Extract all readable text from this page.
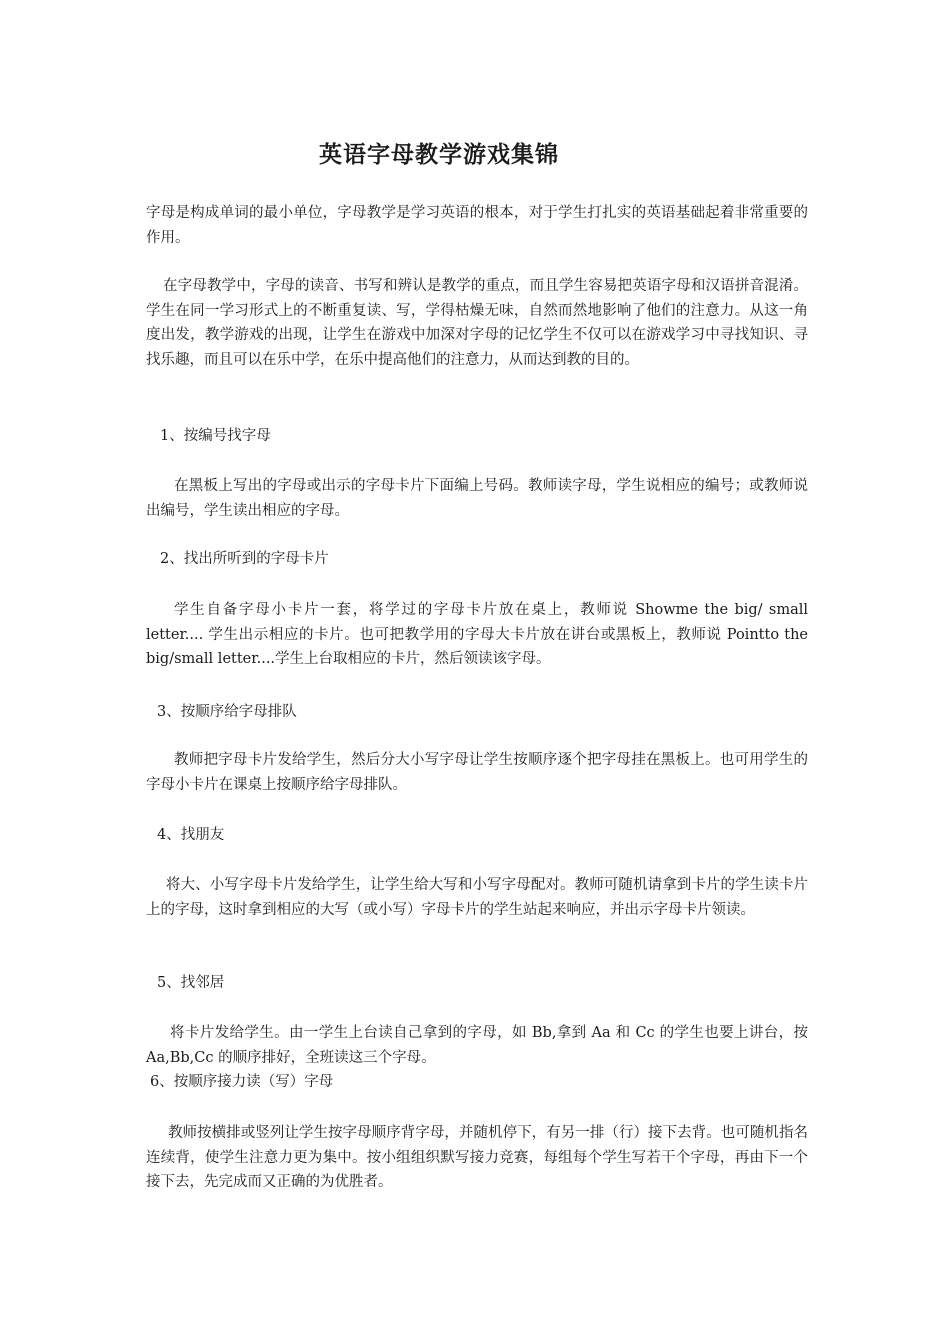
英语字母教学游戏集锦
字母是构成单词的最小单位，字母教学是学习英语的根本，对于学生打扎实的英语基础起着非常重要的作用。
在字母教学中，字母的读音、书写和辨认是教学的重点，而且学生容易把英语字母和汉语拼音混淆。学生在同一学习形式上的不断重复读、写，学得枯燥无味，自然而然地影响了他们的注意力。从这一角度出发，教学游戏的出现，让学生在游戏中加深对字母的记忆学生不仅可以在游戏学习中寻找知识、寻找乐趣，而且可以在乐中学，在乐中提高他们的注意力，从而达到教的目的。
1、按编号找字母
在黑板上写出的字母或出示的字母卡片下面编上号码。教师读字母，学生说相应的编号；或教师说出编号，学生读出相应的字母。
2、找出所听到的字母卡片
学生自备字母小卡片一套，将学过的字母卡片放在桌上，教师说 Showme the big/ small letter.... 学生出示相应的卡片。也可把教学用的字母大卡片放在讲台或黑板上，教师说 Pointto the big/small letter....学生上台取相应的卡片，然后领读该字母。
3、按顺序给字母排队
教师把字母卡片发给学生，然后分大小写字母让学生按顺序逐个把字母挂在黑板上。也可用学生的字母小卡片在课桌上按顺序给字母排队。
4、找朋友
将大、小写字母卡片发给学生，让学生给大写和小写字母配对。教师可随机请拿到卡片的学生读卡片上的字母，这时拿到相应的大写（或小写）字母卡片的学生站起来响应，并出示字母卡片领读。
5、找邻居
将卡片发给学生。由一学生上台读自己拿到的字母，如 Bb,拿到 Aa 和 Cc 的学生也要上讲台，按 Aa,Bb,Cc 的顺序排好，全班读这三个字母。
6、按顺序接力读（写）字母
教师按横排或竖列让学生按字母顺序背字母，并随机停下，有另一排（行）接下去背。也可随机指名连续背，使学生注意力更为集中。按小组组织默写接力竞赛，每组每个学生写若干个字母，再由下一个接下去，先完成而又正确的为优胜者。
